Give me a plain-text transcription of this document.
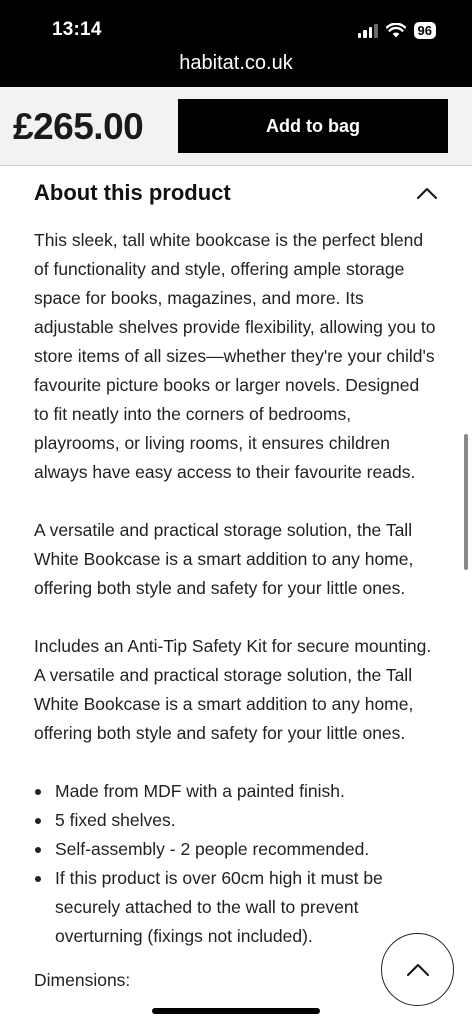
13:14	96
habitat.co.uk
£265.00	Add to bag
About this product

This sleek, tall white bookcase is the perfect blend of functionality and style, offering ample storage space for books, magazines, and more. Its adjustable shelves provide flexibility, allowing you to store items of all sizes—whether they're your child's favourite picture books or larger novels. Designed to fit neatly into the corners of bedrooms, playrooms, or living rooms, it ensures children always have easy access to their favourite reads.

A versatile and practical storage solution, the Tall White Bookcase is a smart addition to any home, offering both style and safety for your little ones.

Includes an Anti-Tip Safety Kit for secure mounting. A versatile and practical storage solution, the Tall White Bookcase is a smart addition to any home, offering both style and safety for your little ones.

Made from MDF with a painted finish.
5 fixed shelves.
Self-assembly - 2 people recommended.
If this product is over 60cm high it must be securely attached to the wall to prevent overturning (fixings not included).
Dimensions:
